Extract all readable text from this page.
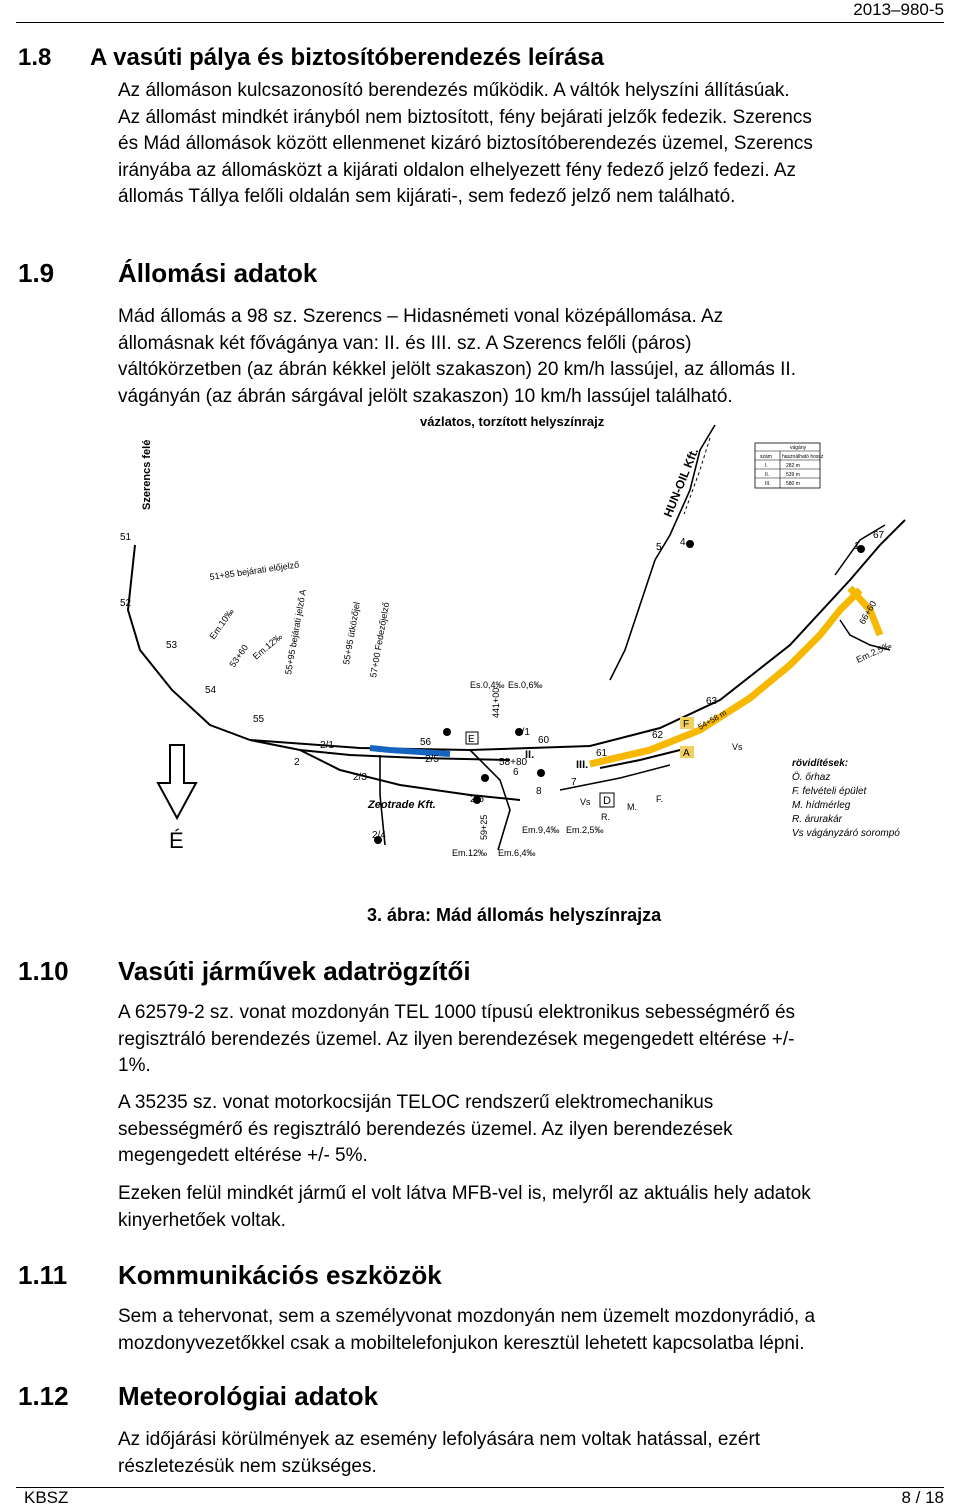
2013–980-5
1.8 A vasúti pálya és biztosítóberendezés leírása
Az állomáson kulcsazonosító berendezés működik. A váltók helyszíni állításúak.
Az állomást mindkét irányból nem biztosított, fény bejárati jelzők fedezik. Szerencs
és Mád állomások között ellenmenet kizáró biztosítóberendezés üzemel, Szerencs
irányába az állomásközt a kijárati oldalon elhelyezett fény fedező jelző fedezi. Az
állomás Tállya felőli oldalán sem kijárati-, sem fedező jelző nem található.
1.9 Állomási adatok
Mád állomás a 98 sz. Szerencs – Hidasnémeti vonal középállomása. Az
állomásnak két fővágánya van: II. és III. sz. A Szerencs felőli (páros)
váltókörzetben (az ábrán kékkel jelölt szakaszon) 20 km/h lassújel, az állomás II.
vágányán (az ábrán sárgával jelölt szakaszon) 10 km/h lassújel található.
É
F
A
D
E
vázlatos, torzított helyszínrajz
Szerencs felé	HUN-OIL Kft.
55+95 bejárati jelző A	55+95 ütközőjel 57+00 Fedezőjelző
441+00
59+25
Em.10‰
53+60 Em.12‰
51+85 bejárati előjelző
66+60
Em.2,5‰
54+58 m
51
52
53
54
55
56	60
61
62
63
67
1
5 4
6
8
7
2/1
2
2/3
2/4
2/5
2/6
4/1
58+80
II.
III.
Zeotrade Kft.
Es.0,4‰ Es.0,6‰
Em.9,4‰ Em.2,5‰
Em.12‰ Em.6,4‰
Vs
Vs	M.
F.
R.
vágány
szám használható hossz
I.	282 m
II.	539 m
III.	580 m
rövidítések:
Ö. őrhaz
F. felvételi épület
M. hídmérleg
R. árurakár
Vs vágányzáró sorompó
3. ábra: Mád állomás helyszínrajza
1.10 Vasúti járművek adatrögzítői
A 62579-2 sz. vonat mozdonyán TEL 1000 típusú elektronikus sebességmérő és
regisztráló berendezés üzemel. Az ilyen berendezések megengedett eltérése +/-
1%.
A 35235 sz. vonat motorkocsiján TELOC rendszerű elektromechanikus
sebességmérő és regisztráló berendezés üzemel. Az ilyen berendezések
megengedett eltérése +/- 5%.
Ezeken felül mindkét jármű el volt látva MFB-vel is, melyről az aktuális hely adatok
kinyerhetőek voltak.
1.11 Kommunikációs eszközök
Sem a tehervonat, sem a személyvonat mozdonyán nem üzemelt mozdonyrádió, a
mozdonyvezetőkkel csak a mobiltelefonjukon keresztül lehetett kapcsolatba lépni.
1.12 Meteorológiai adatok
Az időjárási körülmények az esemény lefolyására nem voltak hatással, ezért
részletezésük nem szükséges.
KBSZ	8 / 18
